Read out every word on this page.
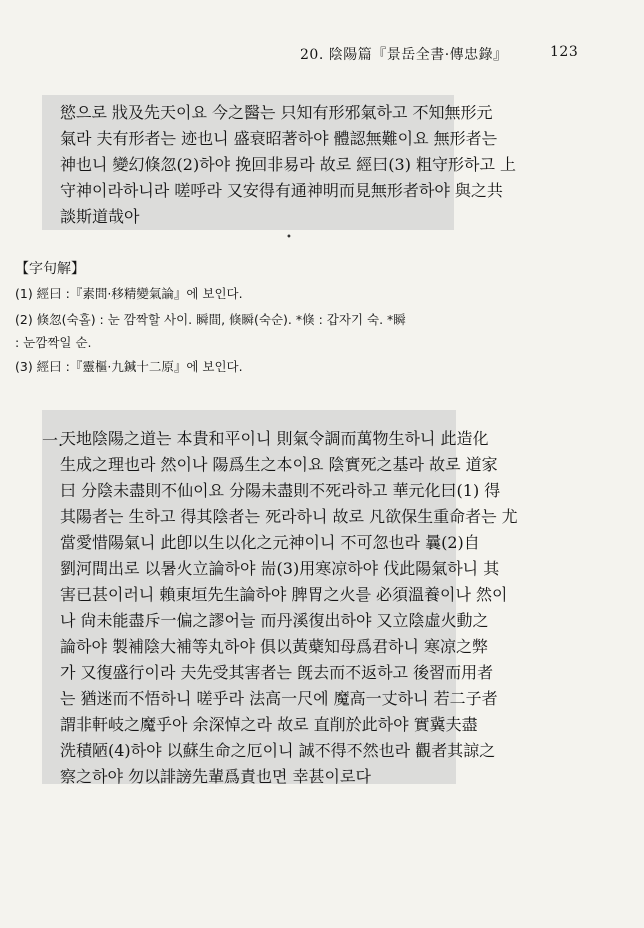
20. 陰陽篇『景岳全書·傳忠錄』	123
慾으로 戕及先天이요 今之醫는 只知有形邪氣하고 不知無形元
氣라 夫有形者는 迹也니 盛衰昭著하야 體認無難이요 無形者는
神也니 變幻倏忽(2)하야 挽回非易라 故로 經曰(3) 粗守形하고 上
守神이라하니라 嗟呼라 又安得有通神明而見無形者하야 與之共
談斯道哉아
•
【字句解】
(1) 經曰 :『素問·移精變氣論』에 보인다.
(2) 倏忽(숙홀) : 눈 깜짝할 사이. 瞬間, 倏瞬(숙순). *倏 : 갑자기 숙. *瞬
: 눈깜짝일 순.
(3) 經曰 :『靈樞·九鍼十二原』에 보인다.
一.
天地陰陽之道는 本貴和平이니 則氣令調而萬物生하니 此造化
生成之理也라 然이나 陽爲生之本이요 陰實死之基라 故로 道家
曰 分陰未盡則不仙이요 分陽未盡則不死라하고 華元化曰(1) 得
其陽者는 生하고 得其陰者는 死라하니 故로 凡欲保生重命者는 尤
當愛惜陽氣니 此卽以生以化之元神이니 不可忽也라 曩(2)自
劉河間出로 以暑火立論하야 耑(3)用寒凉하야 伐此陽氣하니 其
害已甚이러니 賴東垣先生論하야 脾胃之火를 必須溫養이나 然이
나 尙未能盡斥一偏之謬어늘 而丹溪復出하야 又立陰虛火動之
論하야 製補陰大補等丸하야 俱以黃蘗知母爲君하니 寒凉之弊
가 又復盛行이라 夫先受其害者는 旣去而不返하고 後習而用者
는 猶迷而不悟하니 嗟乎라 法高一尺에 魔高一丈하니 若二子者
謂非軒岐之魔乎아 余深悼之라 故로 直削於此하야 實冀夫盡
洗積陋(4)하야 以蘇生命之厄이니 誠不得不然也라 觀者其諒之
察之하야 勿以誹謗先輩爲責也면 幸甚이로다
